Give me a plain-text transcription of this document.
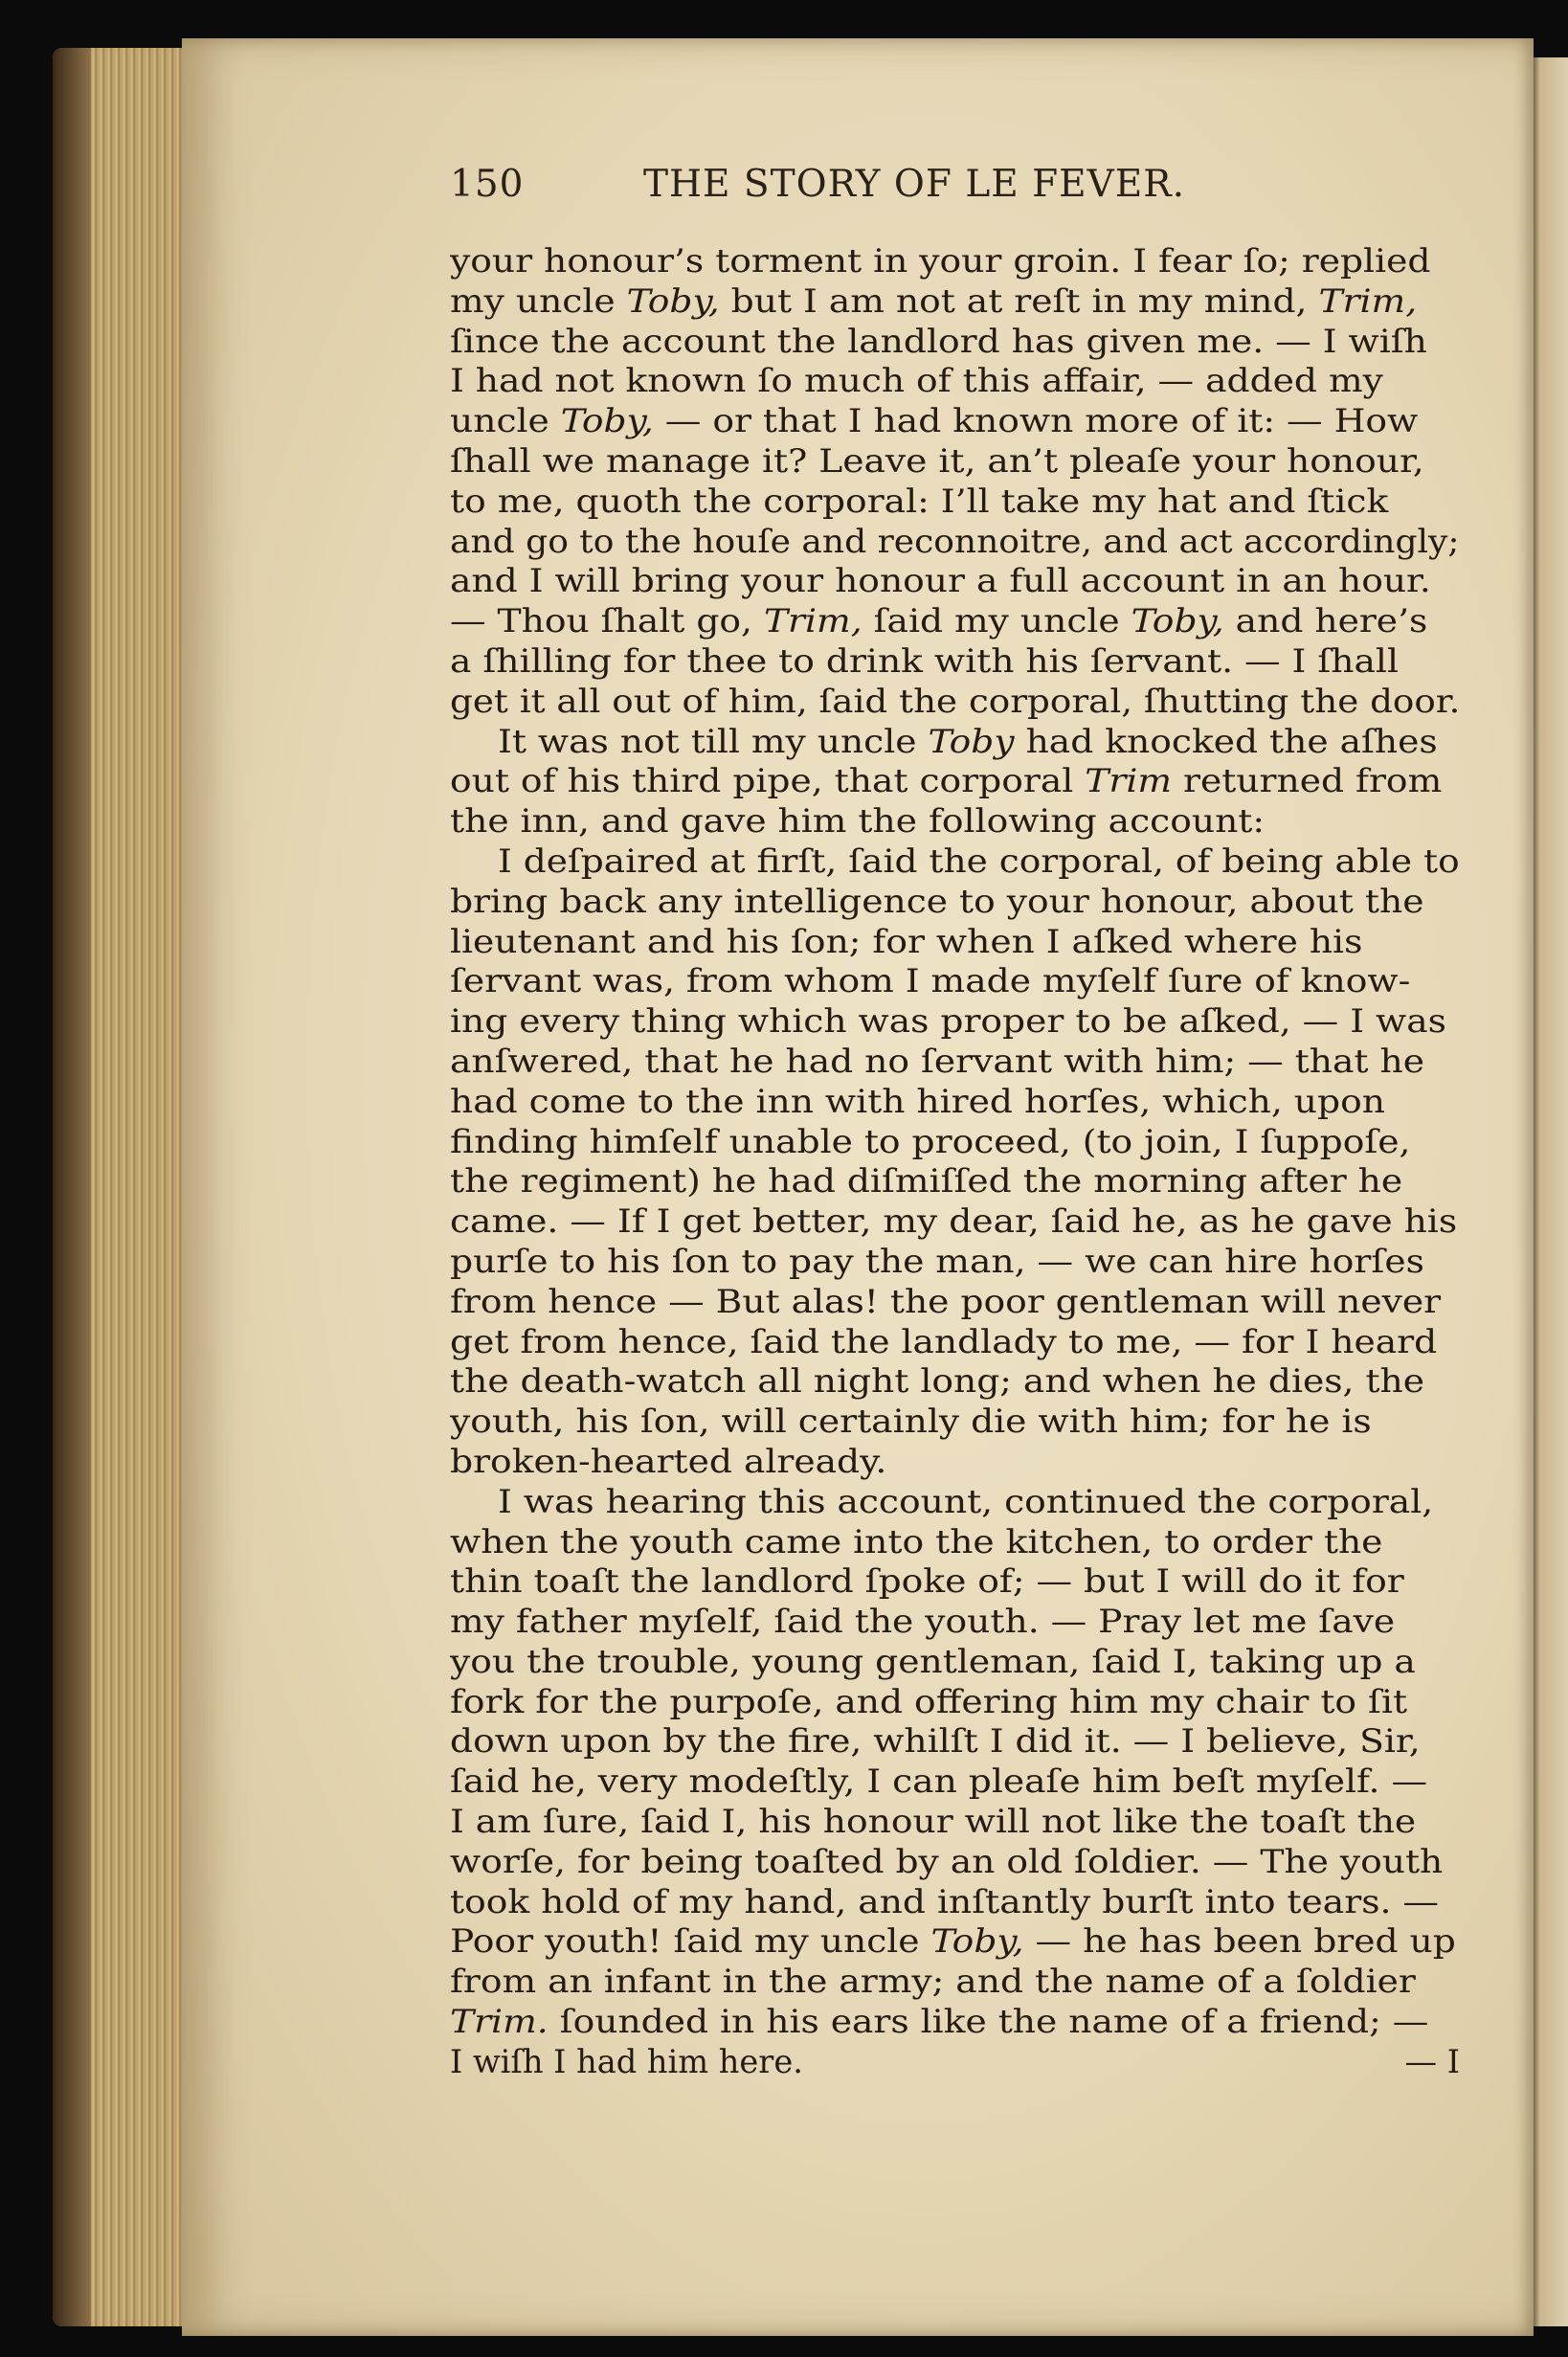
150	THE STORY OF LE FEVER.
your honour’s torment in your groin. I fear ſo; replied
my uncle Toby, but I am not at reſt in my mind, Trim,
ſince the account the landlord has given me. — I wiſh
I had not known ſo much of this affair, — added my
uncle Toby, — or that I had known more of it: — How
ſhall we manage it? Leave it, an’t pleaſe your honour,
to me, quoth the corporal: I’ll take my hat and ſtick
and go to the houſe and reconnoitre, and act accordingly;
and I will bring your honour a full account in an hour.
— Thou ſhalt go, Trim, ſaid my uncle Toby, and here’s
a ſhilling for thee to drink with his ſervant. — I ſhall
get it all out of him, ſaid the corporal, ſhutting the door.
It was not till my uncle Toby had knocked the aſhes
out of his third pipe, that corporal Trim returned from
the inn, and gave him the following account:
I deſpaired at firſt, ſaid the corporal, of being able to
bring back any intelligence to your honour, about the
lieutenant and his ſon; for when I aſked where his
ſervant was, from whom I made myſelf ſure of know-
ing every thing which was proper to be aſked, — I was
anſwered, that he had no ſervant with him; — that he
had come to the inn with hired horſes, which, upon
finding himſelf unable to proceed, (to join, I ſuppoſe,
the regiment) he had diſmiſſed the morning after he
came. — If I get better, my dear, ſaid he, as he gave his
purſe to his ſon to pay the man, — we can hire horſes
from hence — But alas! the poor gentleman will never
get from hence, ſaid the landlady to me, — for I heard
the death-watch all night long; and when he dies, the
youth, his ſon, will certainly die with him; for he is
broken-hearted already.
I was hearing this account, continued the corporal,
when the youth came into the kitchen, to order the
thin toaſt the landlord ſpoke of; — but I will do it for
my father myſelf, ſaid the youth. — Pray let me ſave
you the trouble, young gentleman, ſaid I, taking up a
fork for the purpoſe, and offering him my chair to ſit
down upon by the fire, whilſt I did it. — I believe, Sir,
ſaid he, very modeſtly, I can pleaſe him beſt myſelf. —
I am ſure, ſaid I, his honour will not like the toaſt the
worſe, for being toaſted by an old ſoldier. — The youth
took hold of my hand, and inſtantly burſt into tears. —
Poor youth! ſaid my uncle Toby, — he has been bred up
from an infant in the army; and the name of a ſoldier
Trim. ſounded in his ears like the name of a friend; —
I wiſh I had him here.	— I
